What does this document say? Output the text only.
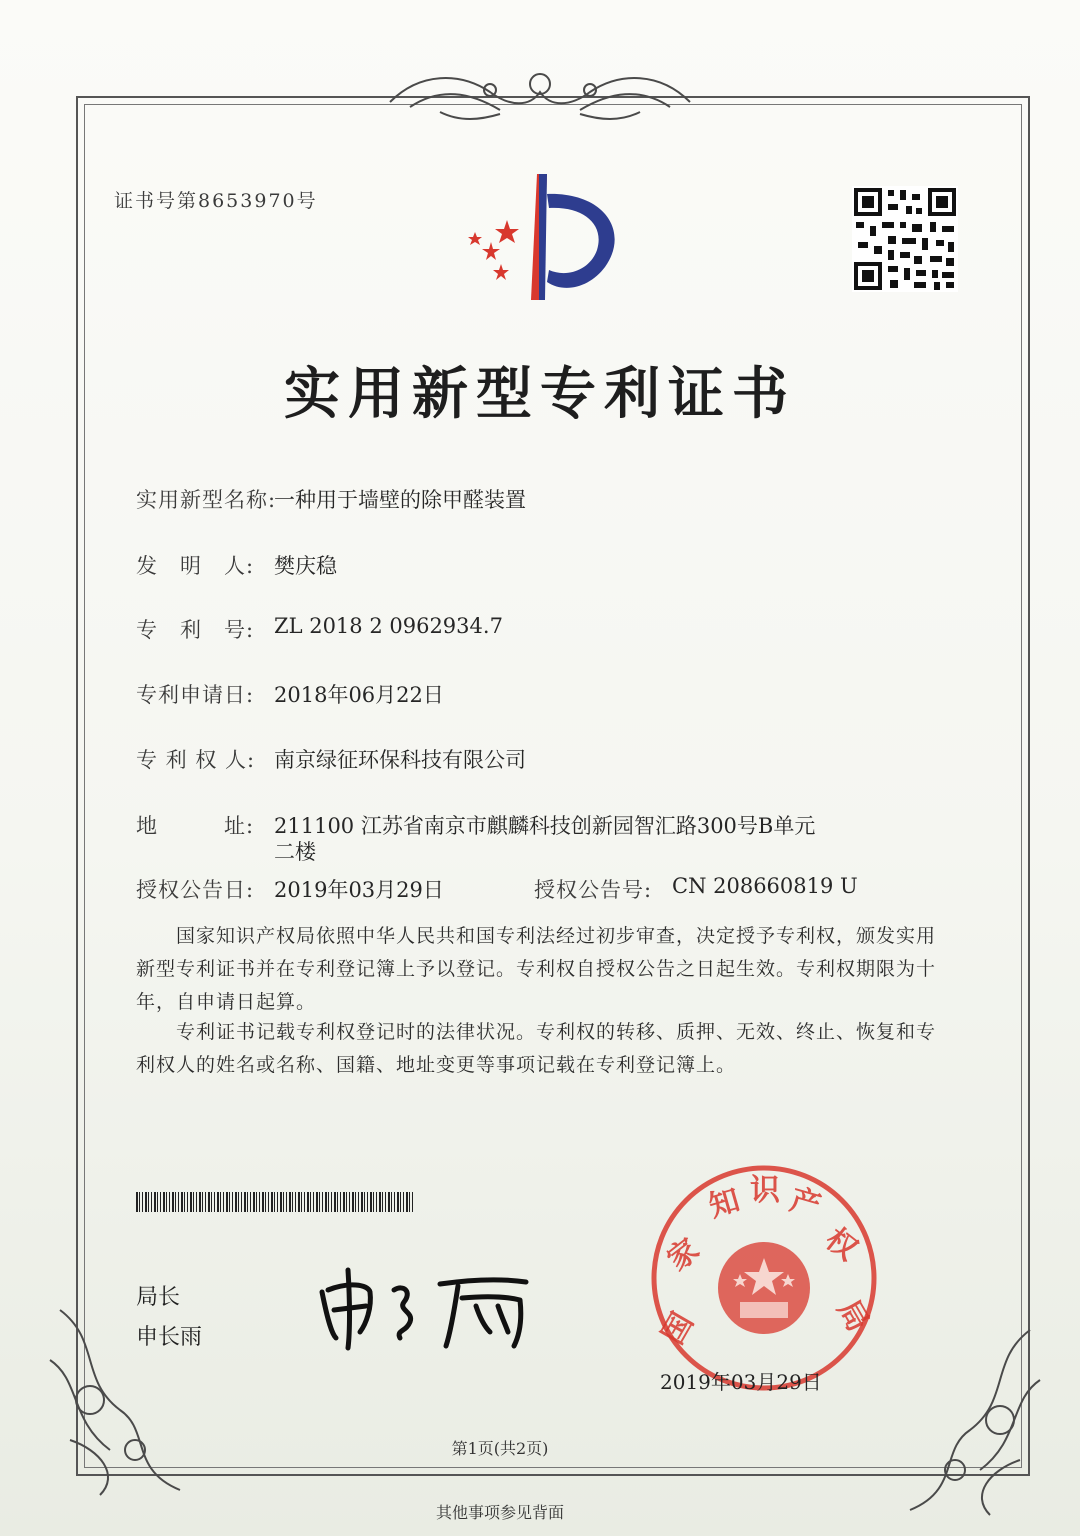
证书号第8653970号
实用新型专利证书
实用新型名称:
一种用于墙壁的除甲醛装置
发　明　人: 樊庆稳
专　利　号: ZL 2018 2 0962934.7
专利申请日: 2018年06月22日
专 利 权 人: 南京绿征环保科技有限公司
地　　　址: 211100 江苏省南京市麒麟科技创新园智汇路300号B单元
二楼
授权公告日: 2019年03月29日	授权公告号: CN 208660819 U
国家知识产权局依照中华人民共和国专利法经过初步审查，决定授予专利权，颁发实用新型专利证书并在专利登记簿上予以登记。专利权自授权公告之日起生效。专利权期限为十年，自申请日起算。
专利证书记载专利权登记时的法律状况。专利权的转移、质押、无效、终止、恢复和专利权人的姓名或名称、国籍、地址变更等事项记载在专利登记簿上。
局长
申长雨	国
家
知 识 产
权
局
2019年03月29日
第1页(共2页)
其他事项参见背面
